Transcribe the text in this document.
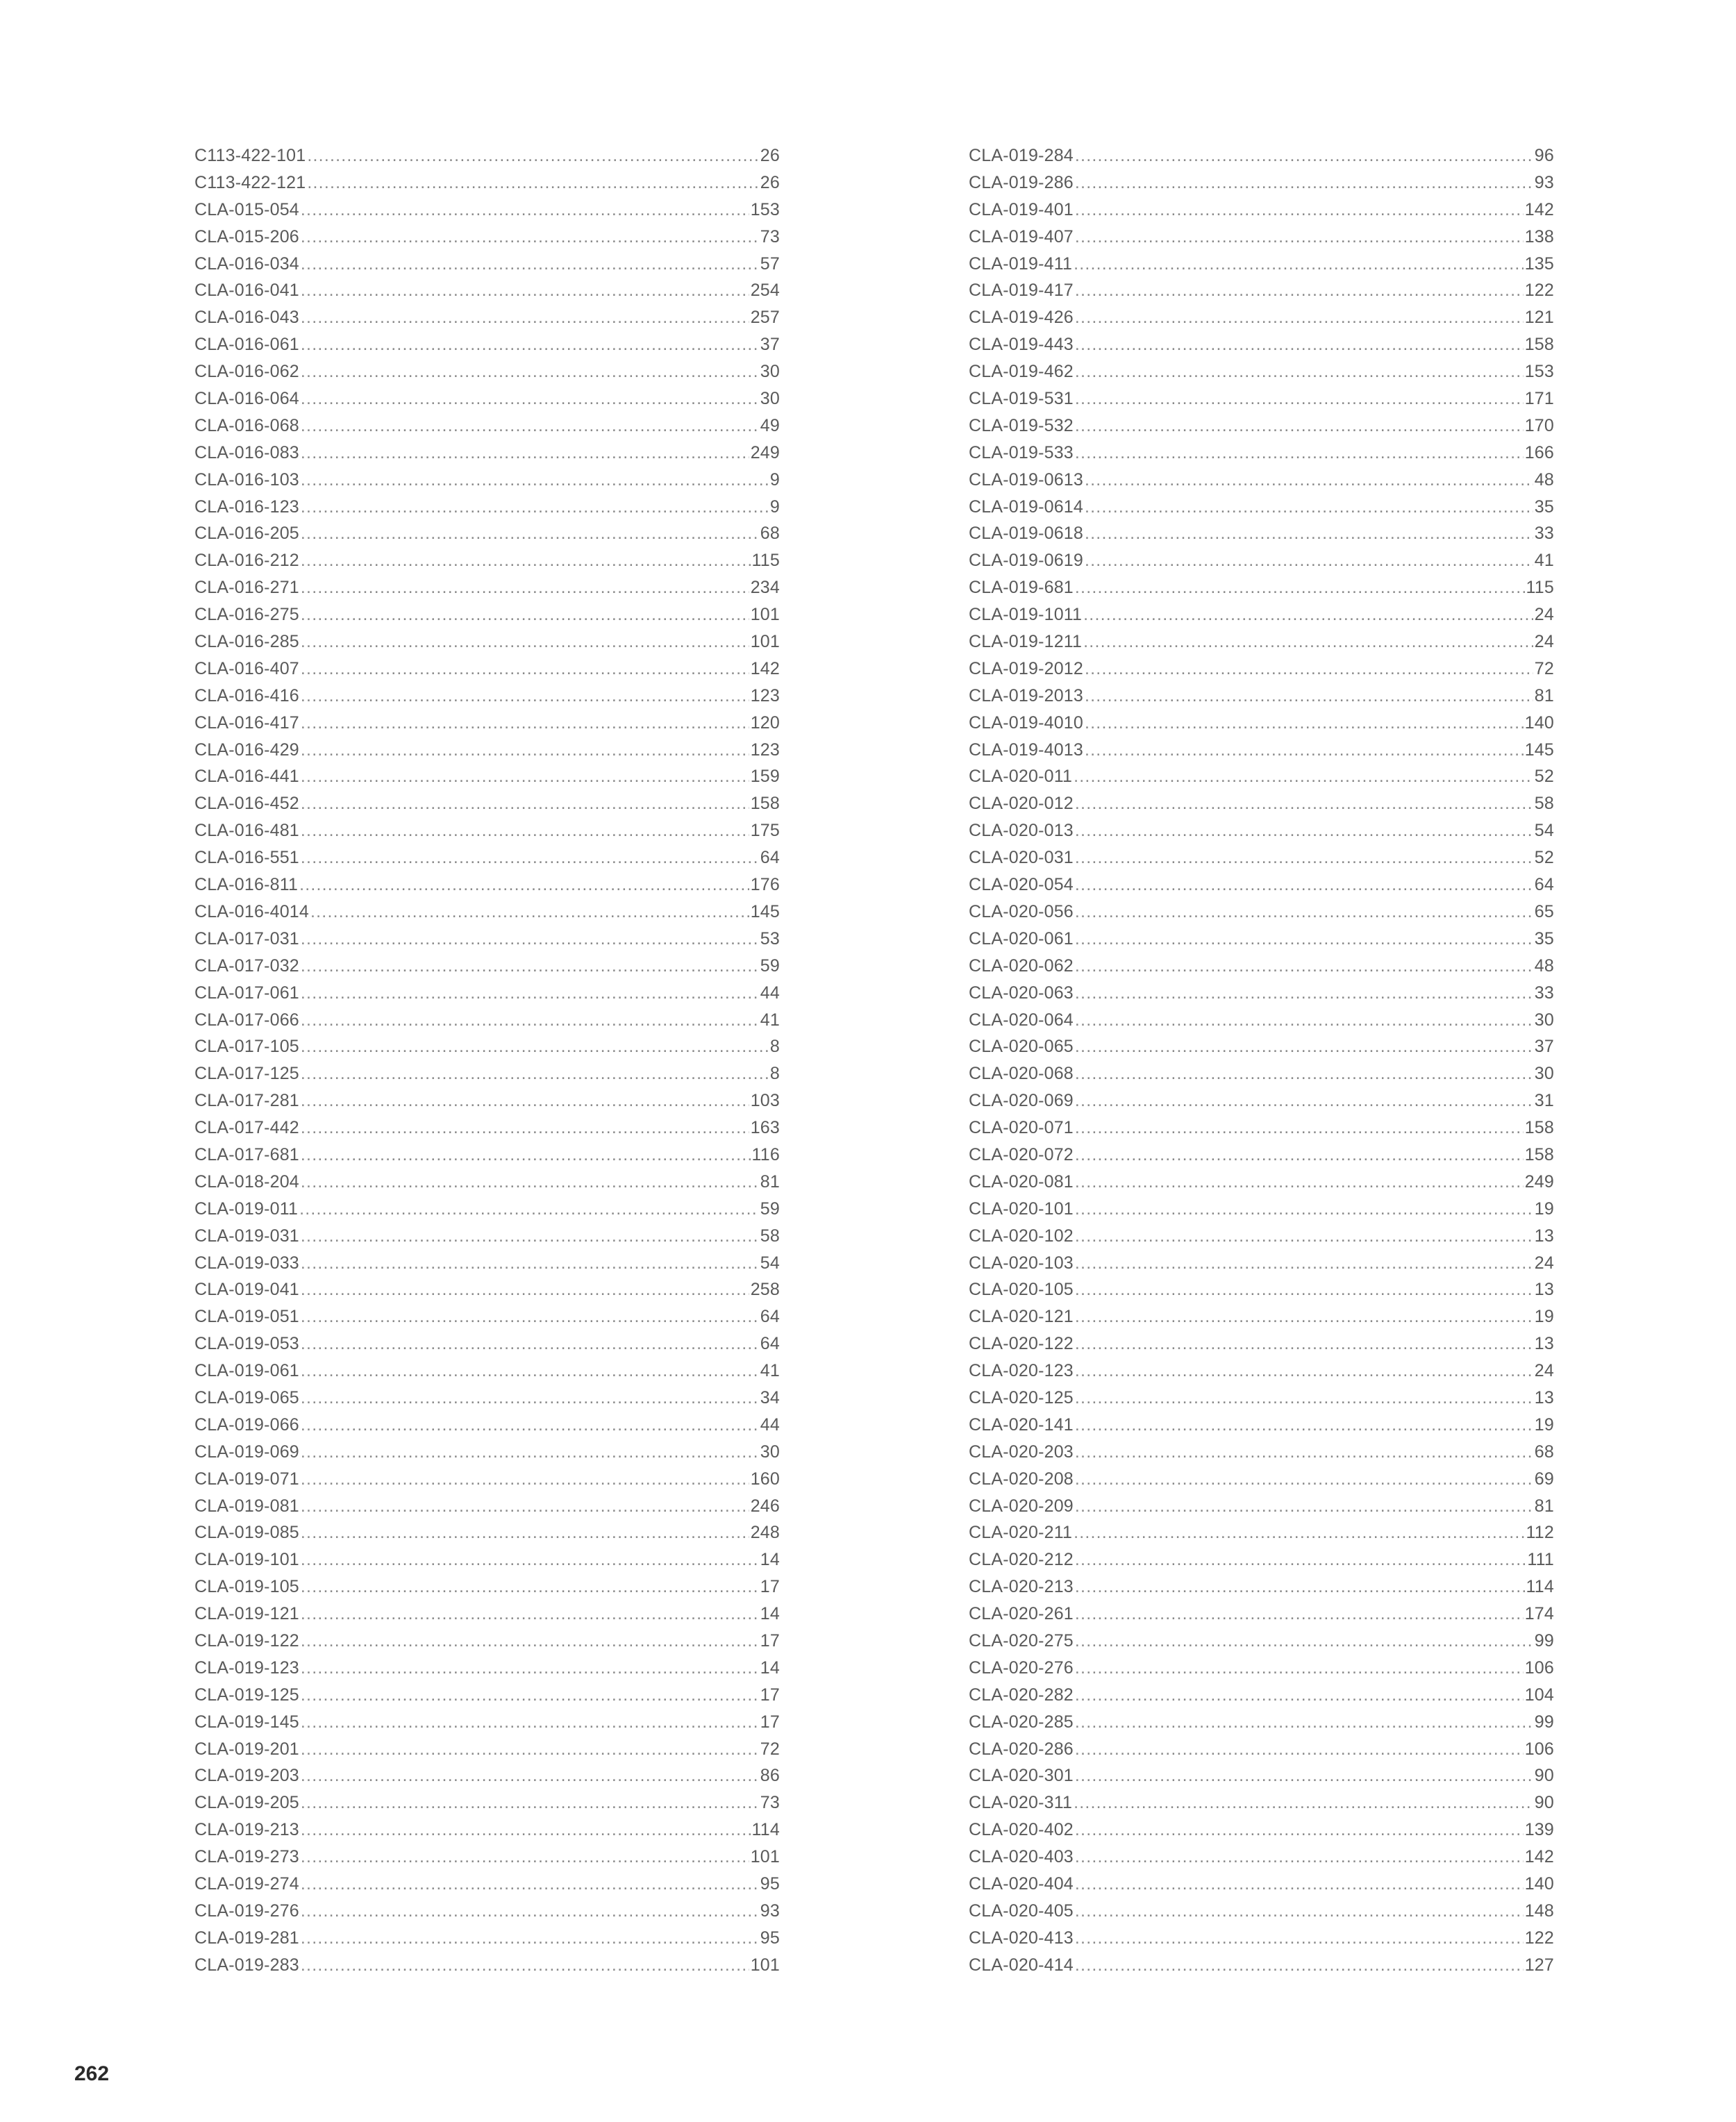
C113-422-101 .....	26
C113-422-121 .....	26
CLA-015-054 .....	153
CLA-015-206 .....	73
CLA-016-034 .....	57
CLA-016-041 .....	254
CLA-016-043 .....	257
CLA-016-061 .....	37
CLA-016-062 .....	30
CLA-016-064 .....	30
CLA-016-068 .....	49
CLA-016-083 .....	249
CLA-016-103 .....	9
CLA-016-123 .....	9
CLA-016-205 .....	68
CLA-016-212 .....	115
CLA-016-271 .....	234
CLA-016-275 .....	101
CLA-016-285 .....	101
CLA-016-407 .....	142
CLA-016-416 .....	123
CLA-016-417 .....	120
CLA-016-429 .....	123
CLA-016-441 .....	159
CLA-016-452 .....	158
CLA-016-481 .....	175
CLA-016-551 .....	64
CLA-016-811 .....	176
CLA-016-4014 .....	145
CLA-017-031 .....	53
CLA-017-032 .....	59
CLA-017-061 .....	44
CLA-017-066 .....	41
CLA-017-105 .....	8
CLA-017-125 .....	8
CLA-017-281 .....	103
CLA-017-442 .....	163
CLA-017-681 .....	116
CLA-018-204 .....	81
CLA-019-011 .....	59
CLA-019-031 .....	58
CLA-019-033 .....	54
CLA-019-041 .....	258
CLA-019-051 .....	64
CLA-019-053 .....	64
CLA-019-061 .....	41
CLA-019-065 .....	34
CLA-019-066 .....	44
CLA-019-069 .....	30
CLA-019-071 .....	160
CLA-019-081 .....	246
CLA-019-085 .....	248
CLA-019-101 .....	14
CLA-019-105 .....	17
CLA-019-121 .....	14
CLA-019-122 .....	17
CLA-019-123 .....	14
CLA-019-125 .....	17
CLA-019-145 .....	17
CLA-019-201 .....	72
CLA-019-203 .....	86
CLA-019-205 .....	73
CLA-019-213 .....	114
CLA-019-273 .....	101
CLA-019-274 .....	95
CLA-019-276 .....	93
CLA-019-281 .....	95
CLA-019-283 .....	101
CLA-019-284 .....	96
CLA-019-286 .....	93
CLA-019-401 .....	142
CLA-019-407 .....	138
CLA-019-411 .....	135
CLA-019-417 .....	122
CLA-019-426 .....	121
CLA-019-443 .....	158
CLA-019-462 .....	153
CLA-019-531 .....	171
CLA-019-532 .....	170
CLA-019-533 .....	166
CLA-019-0613 .....	48
CLA-019-0614 .....	35
CLA-019-0618 .....	33
CLA-019-0619 .....	41
CLA-019-681 .....	115
CLA-019-1011 .....	24
CLA-019-1211 .....	24
CLA-019-2012 .....	72
CLA-019-2013 .....	81
CLA-019-4010 .....	140
CLA-019-4013 .....	145
CLA-020-011 .....	52
CLA-020-012 .....	58
CLA-020-013 .....	54
CLA-020-031 .....	52
CLA-020-054 .....	64
CLA-020-056 .....	65
CLA-020-061 .....	35
CLA-020-062 .....	48
CLA-020-063 .....	33
CLA-020-064 .....	30
CLA-020-065 .....	37
CLA-020-068 .....	30
CLA-020-069 .....	31
CLA-020-071 .....	158
CLA-020-072 .....	158
CLA-020-081 .....	249
CLA-020-101 .....	19
CLA-020-102 .....	13
CLA-020-103 .....	24
CLA-020-105 .....	13
CLA-020-121 .....	19
CLA-020-122 .....	13
CLA-020-123 .....	24
CLA-020-125 .....	13
CLA-020-141 .....	19
CLA-020-203 .....	68
CLA-020-208 .....	69
CLA-020-209 .....	81
CLA-020-211 .....	112
CLA-020-212 .....	111
CLA-020-213 .....	114
CLA-020-261 .....	174
CLA-020-275 .....	99
CLA-020-276 .....	106
CLA-020-282 .....	104
CLA-020-285 .....	99
CLA-020-286 .....	106
CLA-020-301 .....	90
CLA-020-311 .....	90
CLA-020-402 .....	139
CLA-020-403 .....	142
CLA-020-404 .....	140
CLA-020-405 .....	148
CLA-020-413 .....	122
CLA-020-414 .....	127
262
